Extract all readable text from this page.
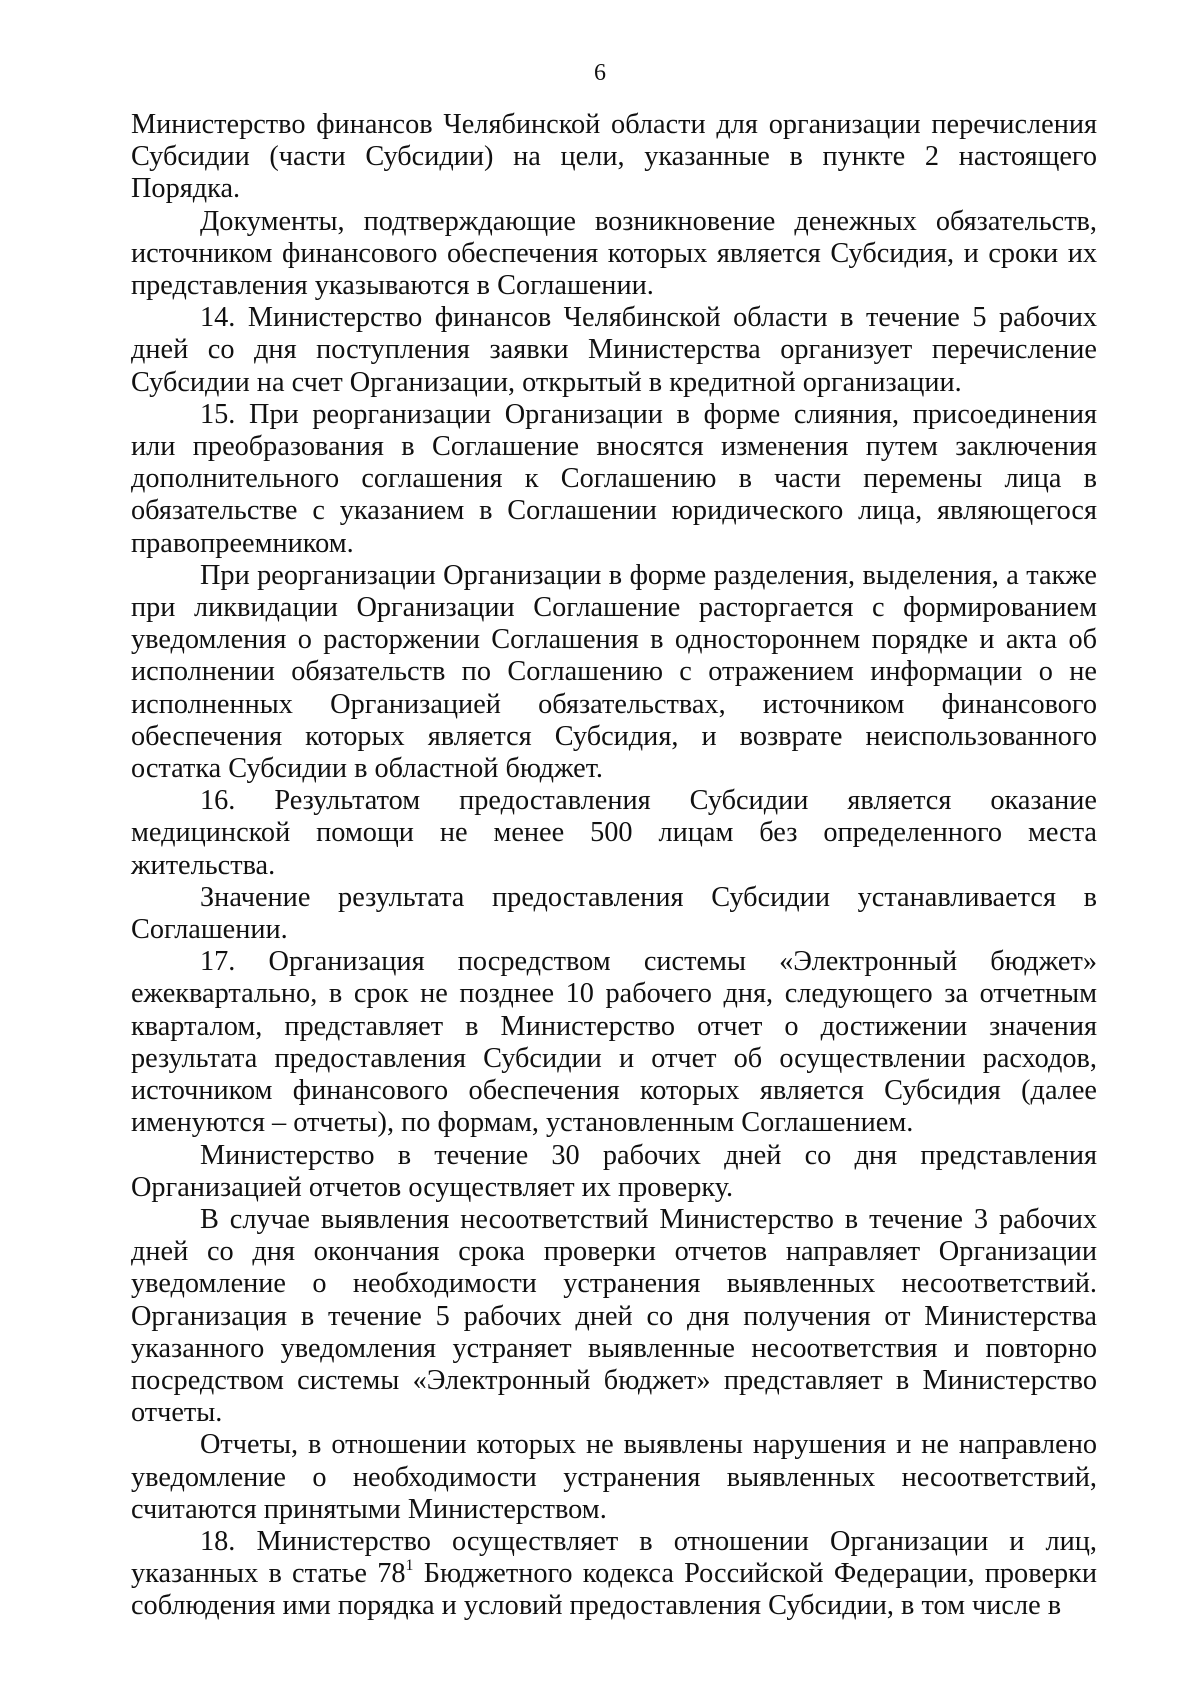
6

Министерство финансов Челябинской области для организации перечисления Субсидии (части Субсидии) на цели, указанные в пункте 2 настоящего Порядка.

Документы, подтверждающие возникновение денежных обязательств, источником финансового обеспечения которых является Субсидия, и сроки их представления указываются в Соглашении.

14. Министерство финансов Челябинской области в течение 5 рабочих дней со дня поступления заявки Министерства организует перечисление Субсидии на счет Организации, открытый в кредитной организации.

15. При реорганизации Организации в форме слияния, присоединения или преобразования в Соглашение вносятся изменения путем заключения дополнительного соглашения к Соглашению в части перемены лица в обязательстве с указанием в Соглашении юридического лица, являющегося правопреемником.

При реорганизации Организации в форме разделения, выделения, а также при ликвидации Организации Соглашение расторгается с формированием уведомления о расторжении Соглашения в одностороннем порядке и акта об исполнении обязательств по Соглашению с отражением информации о не исполненных Организацией обязательствах, источником финансового обеспечения которых является Субсидия, и возврате неиспользованного остатка Субсидии в областной бюджет.

16. Результатом предоставления Субсидии является оказание медицинской помощи не менее 500 лицам без определенного места жительства.

Значение результата предоставления Субсидии устанавливается в Соглашении.

17. Организация посредством системы «Электронный бюджет» ежеквартально, в срок не позднее 10 рабочего дня, следующего за отчетным кварталом, представляет в Министерство отчет о достижении значения результата предоставления Субсидии и отчет об осуществлении расходов, источником финансового обеспечения которых является Субсидия (далее именуются – отчеты), по формам, установленным Соглашением.

Министерство в течение 30 рабочих дней со дня представления Организацией отчетов осуществляет их проверку.

В случае выявления несоответствий Министерство в течение 3 рабочих дней со дня окончания срока проверки отчетов направляет Организации уведомление о необходимости устранения выявленных несоответствий. Организация в течение 5 рабочих дней со дня получения от Министерства указанного уведомления устраняет выявленные несоответствия и повторно посредством системы «Электронный бюджет» представляет в Министерство отчеты.

Отчеты, в отношении которых не выявлены нарушения и не направлено уведомление о необходимости устранения выявленных несоответствий, считаются принятыми Министерством.

18. Министерство осуществляет в отношении Организации и лиц, указанных в статье $78^1$ Бюджетного кодекса Российской Федерации, проверки соблюдения ими порядка и условий предоставления Субсидии, в том числе в
